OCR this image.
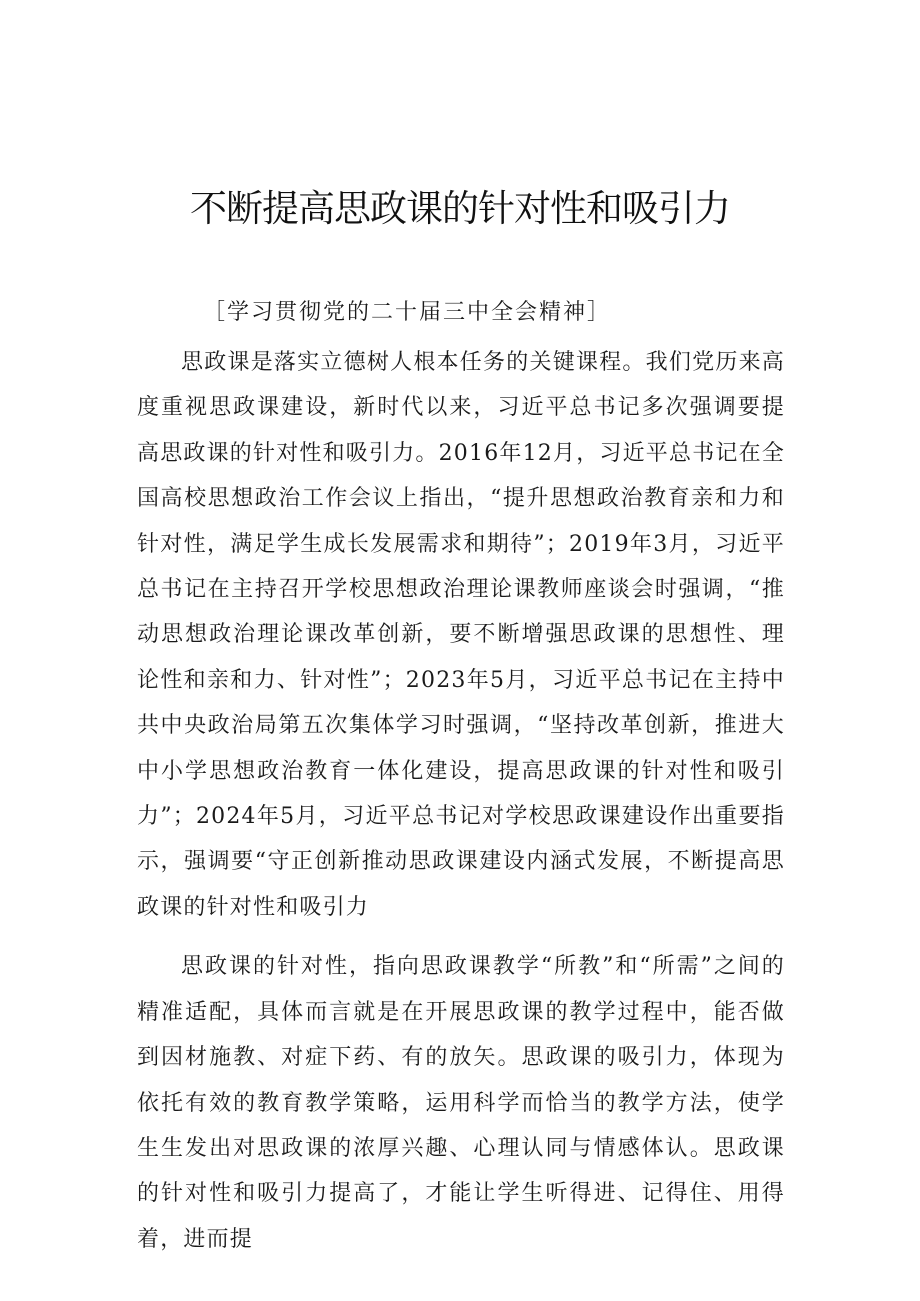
不断提高思政课的针对性和吸引力
［学习贯彻党的二十届三中全会精神］

思政课是落实立德树人根本任务的关键课程。我们党历来高度重视思政课建设，新时代以来，习近平总书记多次强调要提高思政课的针对性和吸引力。2016年12月，习近平总书记在全国高校思想政治工作会议上指出，“提升思想政治教育亲和力和针对性，满足学生成长发展需求和期待”；2019年3月，习近平总书记在主持召开学校思想政治理论课教师座谈会时强调，“推动思想政治理论课改革创新，要不断增强思政课的思想性、理论性和亲和力、针对性”；2023年5月，习近平总书记在主持中共中央政治局第五次集体学习时强调，“坚持改革创新，推进大中小学思想政治教育一体化建设，提高思政课的针对性和吸引力”；2024年5月，习近平总书记对学校思政课建设作出重要指示，强调要“守正创新推动思政课建设内涵式发展，不断提高思政课的针对性和吸引力

思政课的针对性，指向思政课教学“所教”和“所需”之间的精准适配，具体而言就是在开展思政课的教学过程中，能否做到因材施教、对症下药、有的放矢。思政课的吸引力，体现为依托有效的教育教学策略，运用科学而恰当的教学方法，使学生生发出对思政课的浓厚兴趣、心理认同与情感体认。思政课的针对性和吸引力提高了，才能让学生听得进、记得住、用得着，进而提
